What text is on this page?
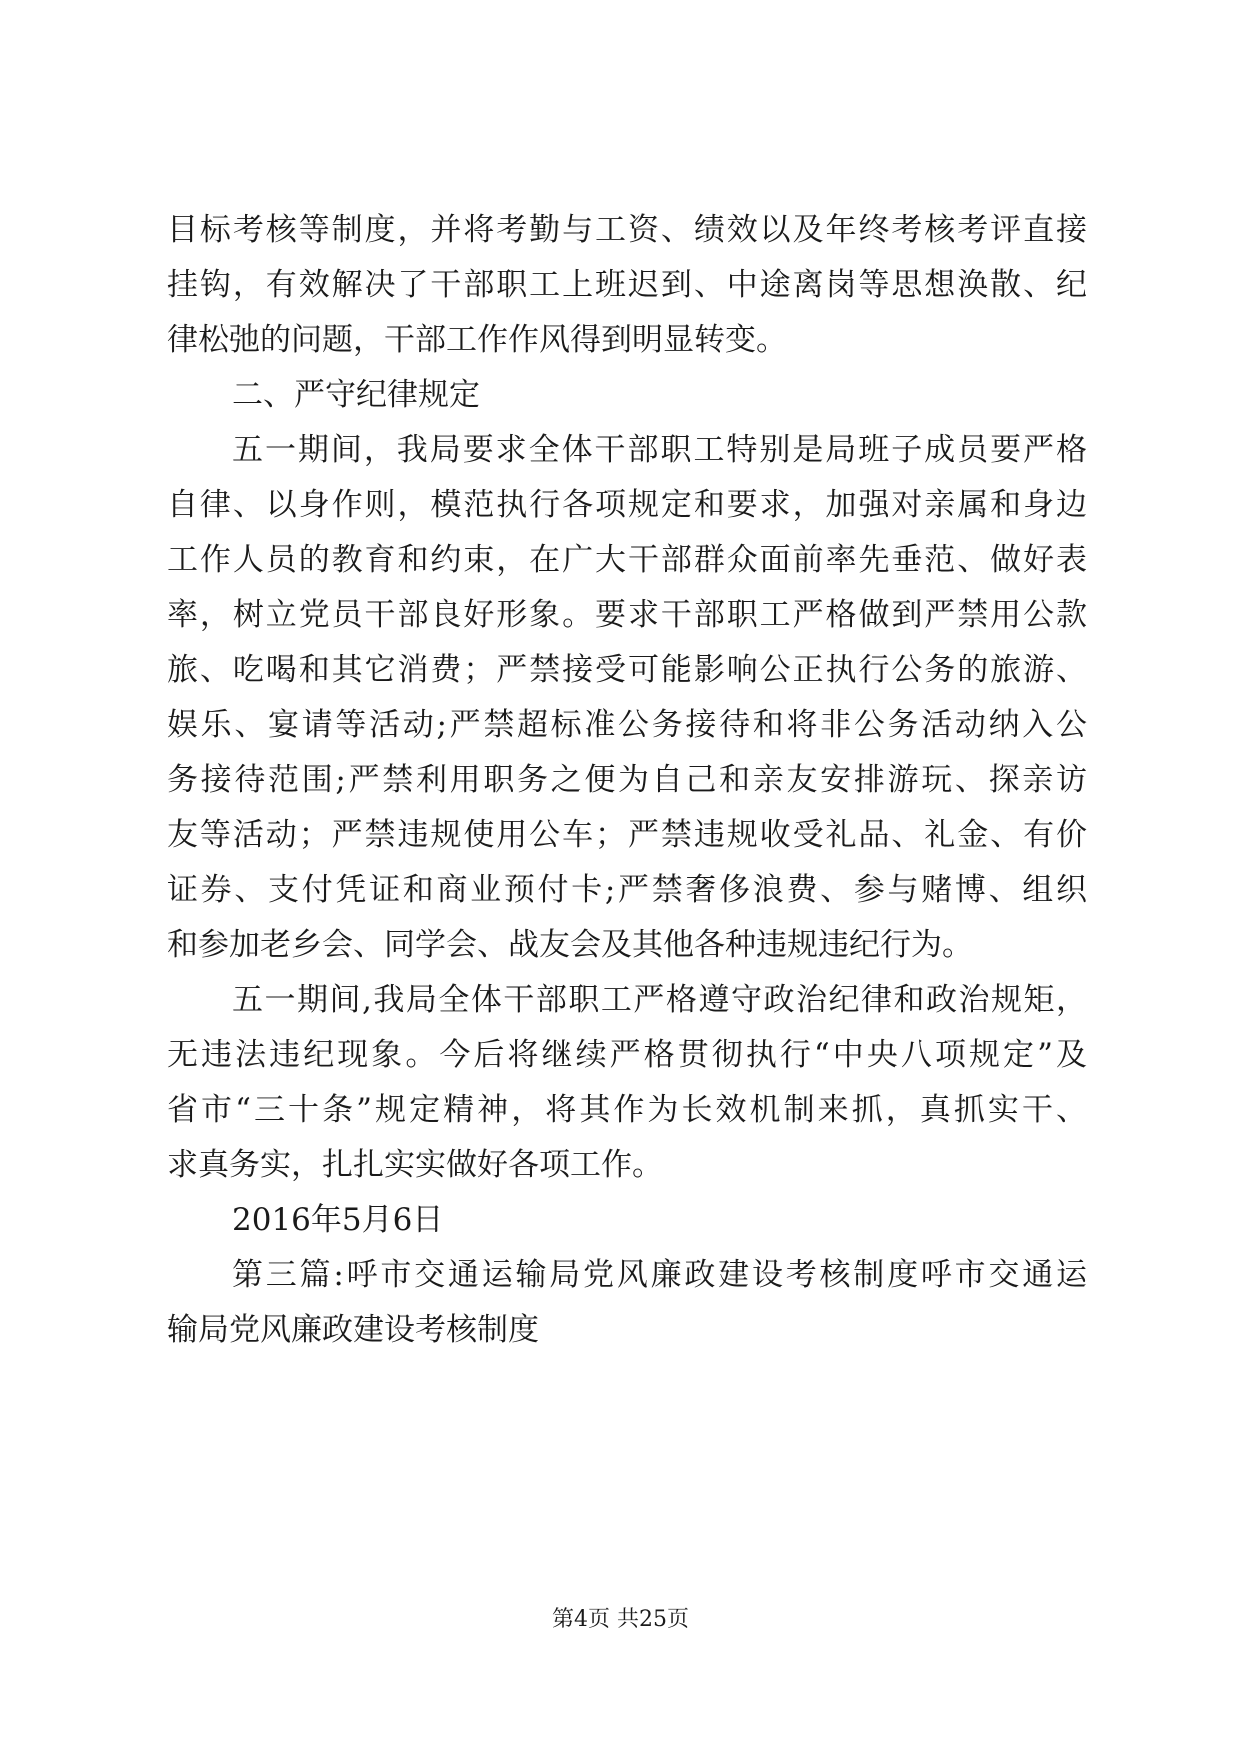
目标考核等制度，并将考勤与工资、绩效以及年终考核考评直接
挂钩，有效解决了干部职工上班迟到、中途离岗等思想涣散、纪
律松弛的问题，干部工作作风得到明显转变。
二、严守纪律规定
五一期间，我局要求全体干部职工特别是局班子成员要严格
自律、以身作则，模范执行各项规定和要求，加强对亲属和身边
工作人员的教育和约束，在广大干部群众面前率先垂范、做好表
率，树立党员干部良好形象。要求干部职工严格做到严禁用公款
旅、吃喝和其它消费；严禁接受可能影响公正执行公务的旅游、
娱乐、宴请等活动;严禁超标准公务接待和将非公务活动纳入公
务接待范围;严禁利用职务之便为自己和亲友安排游玩、探亲访
友等活动；严禁违规使用公车；严禁违规收受礼品、礼金、有价
证券、支付凭证和商业预付卡;严禁奢侈浪费、参与赌博、组织
和参加老乡会、同学会、战友会及其他各种违规违纪行为。
五一期间,我局全体干部职工严格遵守政治纪律和政治规矩，
无违法违纪现象。今后将继续严格贯彻执行“中央八项规定”及
省市“三十条”规定精神，将其作为长效机制来抓，真抓实干、
求真务实，扎扎实实做好各项工作。
2016年5月6日
第三篇:呼市交通运输局党风廉政建设考核制度呼市交通运
输局党风廉政建设考核制度
第4页 共25页
